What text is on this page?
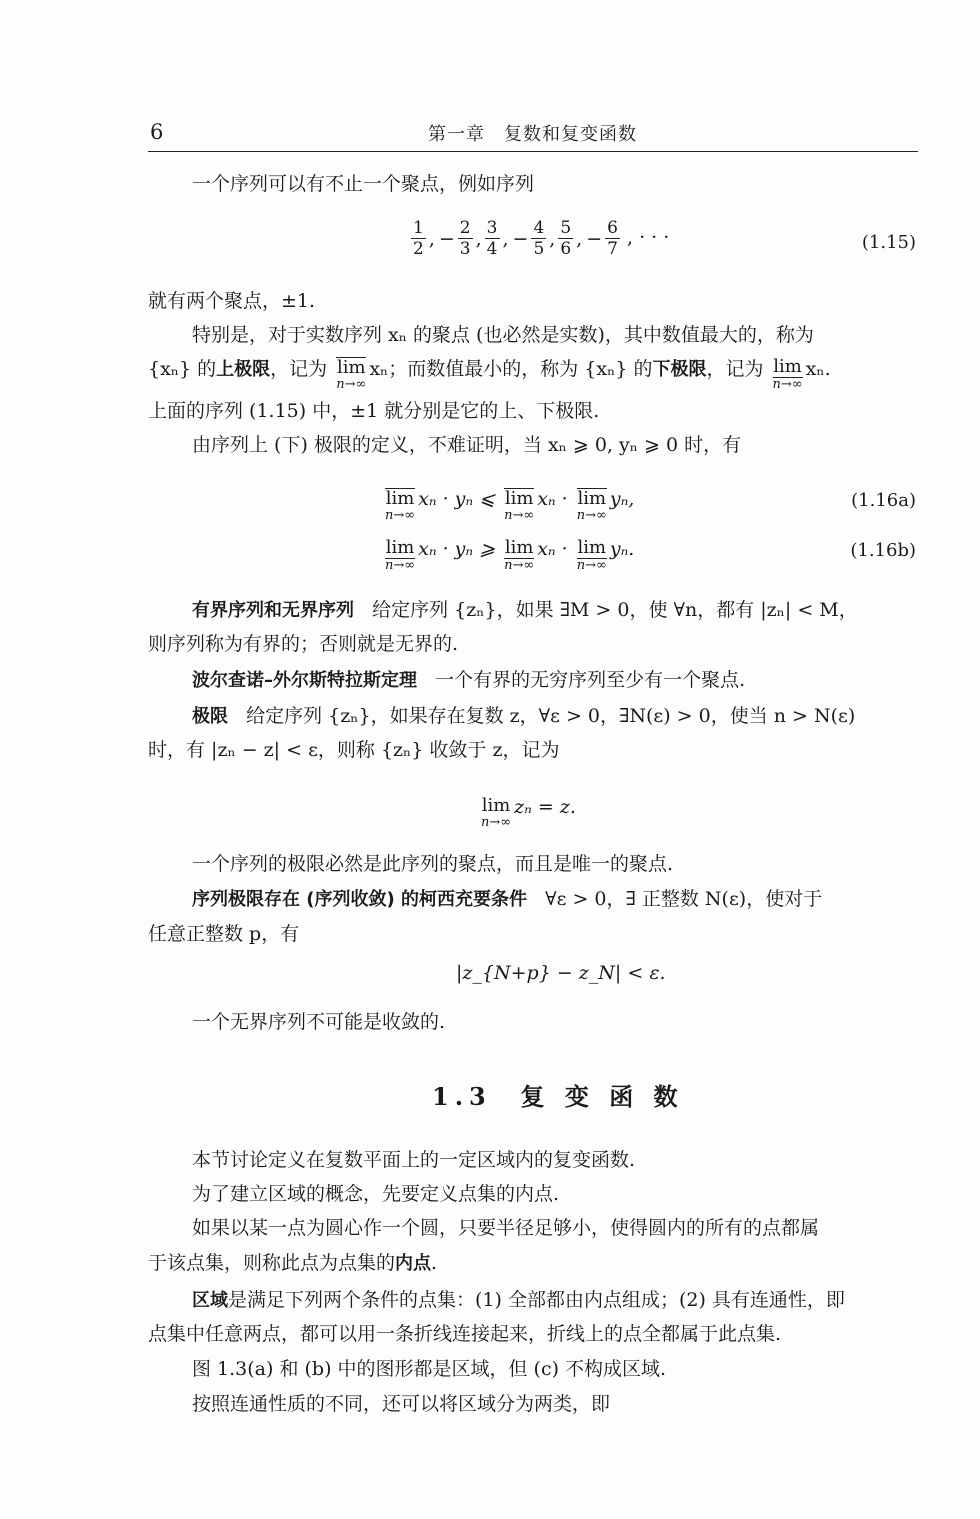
6	第一章　复数和复变函数
一个序列可以有不止一个聚点，例如序列
$\frac{1}{2}$ , − $\frac{2}{3}$ , $\frac{3}{4}$ , − $\frac{4}{5}$ , $\frac{5}{6}$ , − $\frac{6}{7}$ , · · ·	(1.15)
就有两个聚点，±1.
特别是，对于实数序列 xₙ 的聚点 (也必然是实数)，其中数值最大的，称为
{xₙ} 的上极限，记为 lim
n→∞
xₙ；而数值最小的，称为 {xₙ} 的下极限，记为 lim
n→∞
xₙ.
上面的序列 (1.15) 中，±1 就分别是它的上、下极限.
由序列上 (下) 极限的定义，不难证明，当 xₙ ⩾ 0, yₙ ⩾ 0 时，有
lim
n→∞
xₙ · yₙ ⩽ lim
n→∞
xₙ · lim
n→∞
yₙ,	(1.16a)
lim
n→∞
xₙ · yₙ ⩾ lim
n→∞
xₙ · lim
n→∞
yₙ.	(1.16b)
有界序列和无界序列 给定序列 {zₙ}，如果 ∃M > 0，使 ∀n，都有 |zₙ| < M，
则序列称为有界的；否则就是无界的.
波尔查诺–外尔斯特拉斯定理 一个有界的无穷序列至少有一个聚点.
极限 给定序列 {zₙ}，如果存在复数 z，∀ε > 0，∃N(ε) > 0，使当 n > N(ε)
时，有 |zₙ − z| < ε，则称 {zₙ} 收敛于 z，记为
lim
n→∞
zₙ = z.
一个序列的极限必然是此序列的聚点，而且是唯一的聚点.
序列极限存在 (序列收敛) 的柯西充要条件 ∀ε > 0，∃ 正整数 N(ε)，使对于
任意正整数 p，有
|z_{N+p} − z_N| < ε.
一个无界序列不可能是收敛的.
1.3 复 变 函 数
本节讨论定义在复数平面上的一定区域内的复变函数.
为了建立区域的概念，先要定义点集的内点.
如果以某一点为圆心作一个圆，只要半径足够小，使得圆内的所有的点都属
于该点集，则称此点为点集的内点.
区域是满足下列两个条件的点集：(1) 全部都由内点组成；(2) 具有连通性，即
点集中任意两点，都可以用一条折线连接起来，折线上的点全都属于此点集.
图 1.3(a) 和 (b) 中的图形都是区域，但 (c) 不构成区域.
按照连通性质的不同，还可以将区域分为两类，即
